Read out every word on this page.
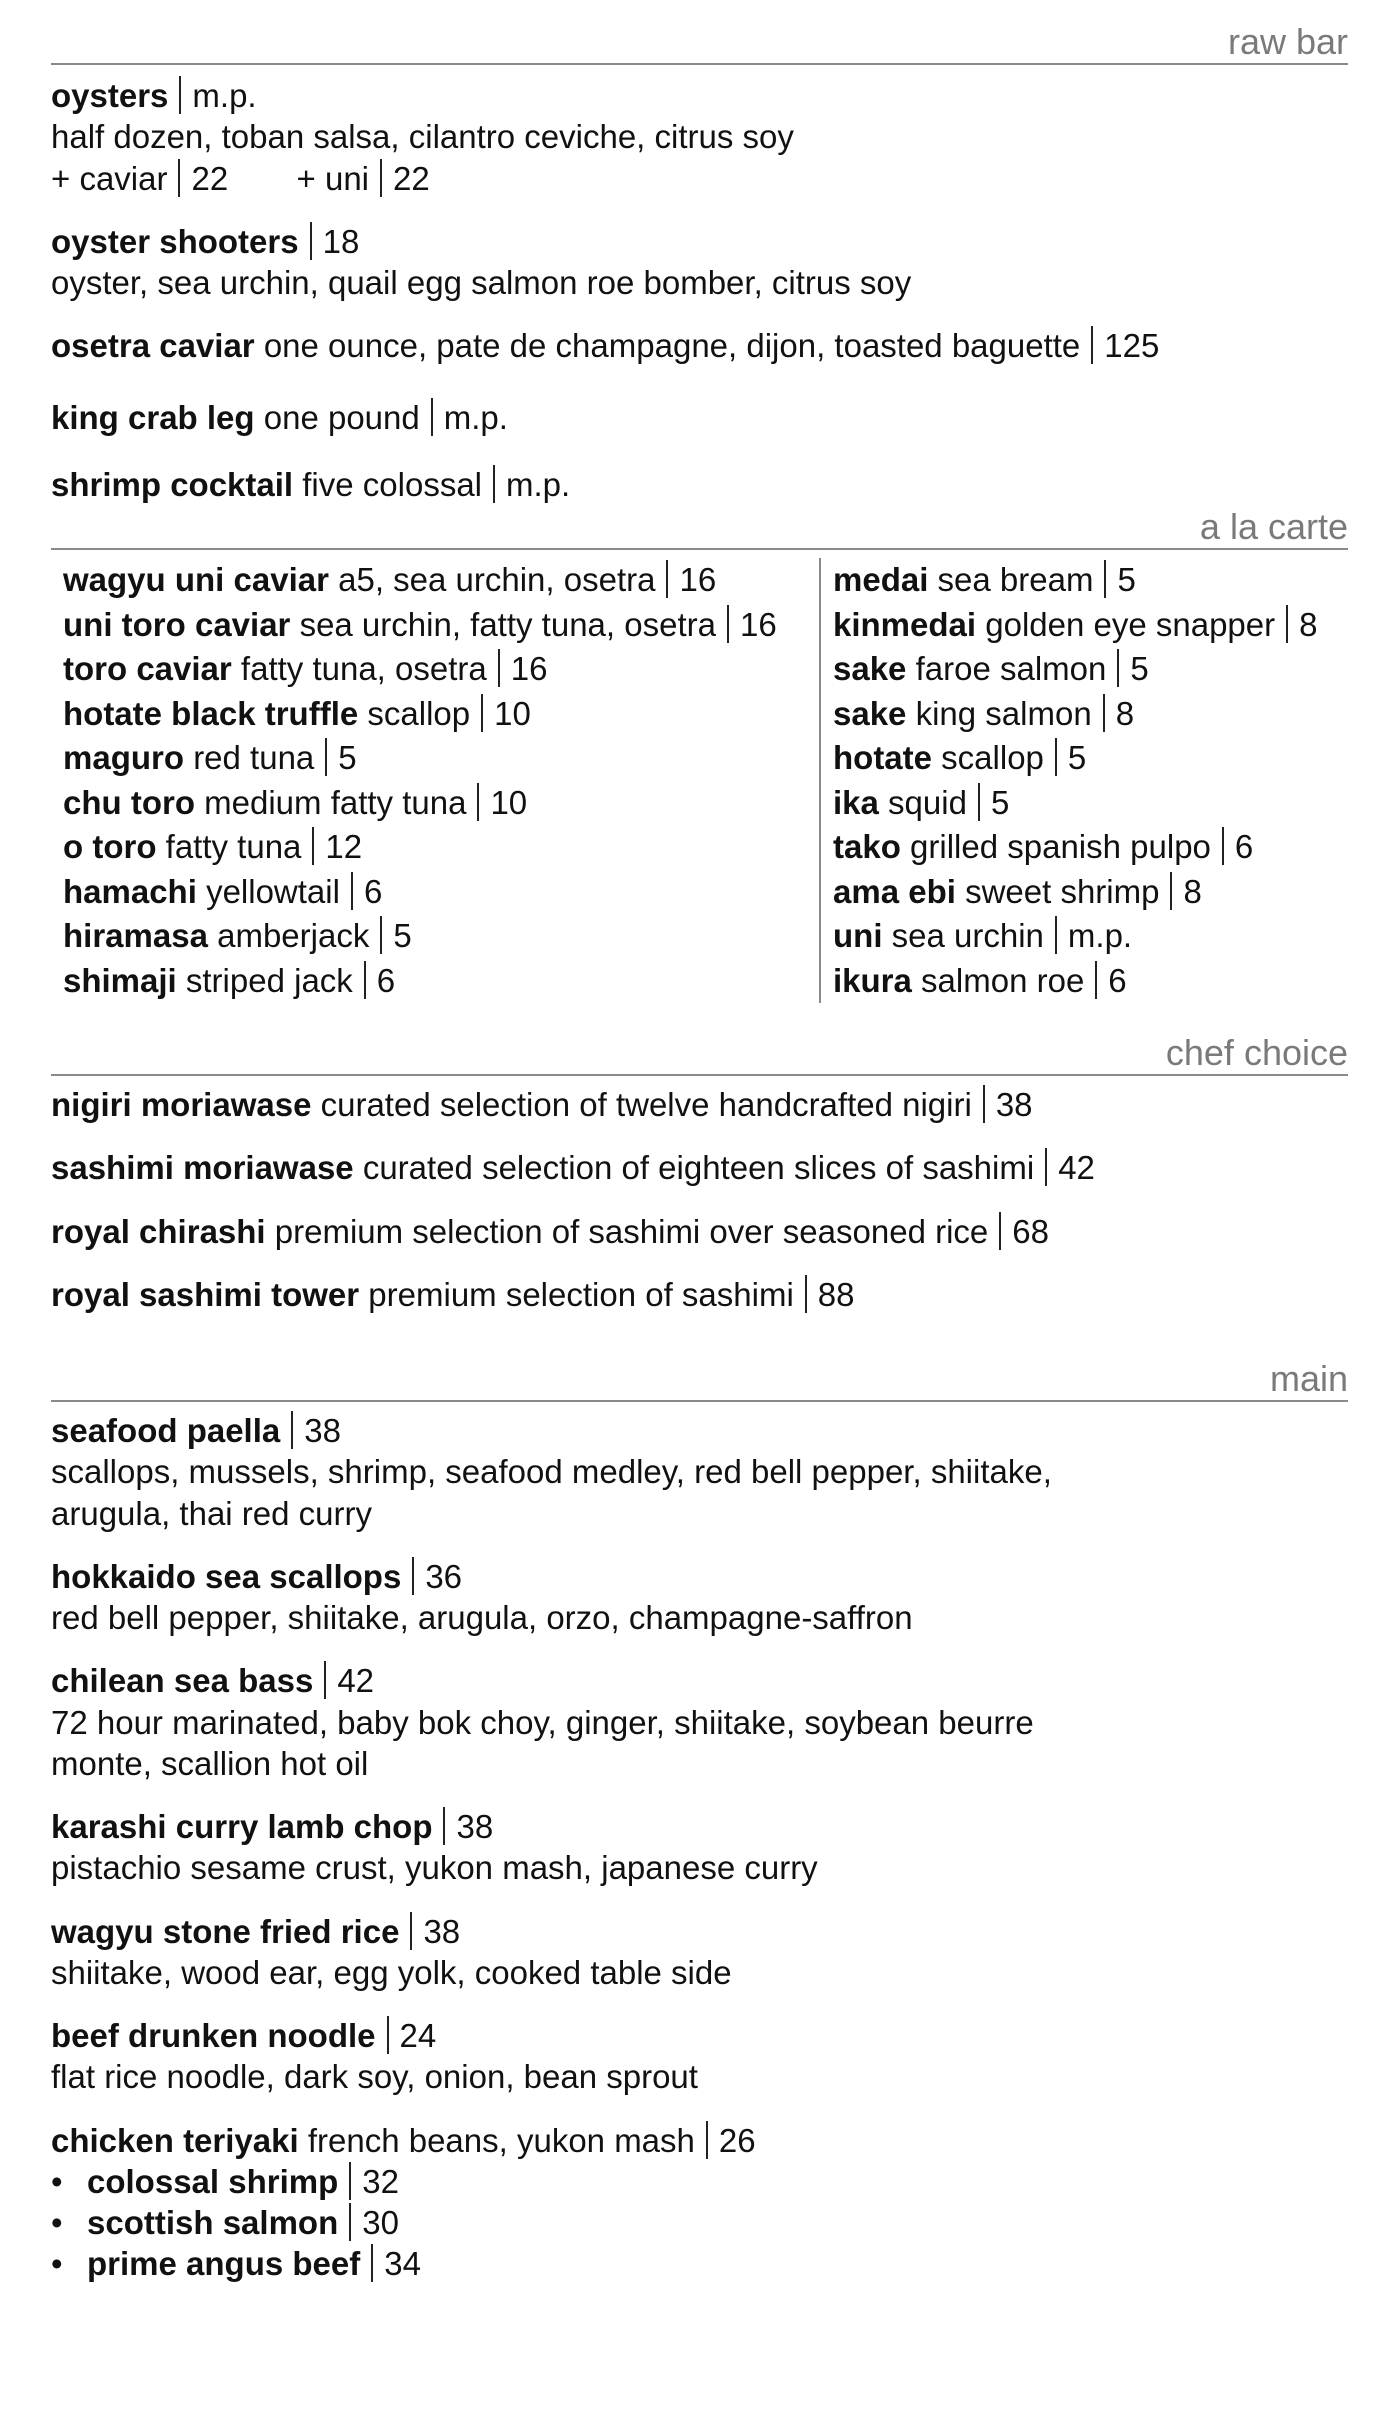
raw bar
oysters m.p.
half dozen, toban salsa, cilantro ceviche, citrus soy
+ caviar 22 + uni 22
oyster shooters 18
oyster, sea urchin, quail egg salmon roe bomber, citrus soy
osetra caviar one ounce, pate de champagne, dijon, toasted baguette 125
king crab leg one pound m.p.
shrimp cocktail five colossal m.p.
a la carte
wagyu uni caviar a5, sea urchin, osetra 16
uni toro caviar sea urchin, fatty tuna, osetra 16
toro caviar fatty tuna, osetra 16
hotate black truffle scallop 10
maguro red tuna 5
chu toro medium fatty tuna 10
o toro fatty tuna 12
hamachi yellowtail 6
hiramasa amberjack 5
shimaji striped jack 6
medai sea bream 5
kinmedai golden eye snapper 8
sake faroe salmon 5
sake king salmon 8
hotate scallop 5
ika squid 5
tako grilled spanish pulpo 6
ama ebi sweet shrimp 8
uni sea urchin m.p.
ikura salmon roe 6
chef choice
nigiri moriawase curated selection of twelve handcrafted nigiri 38
sashimi moriawase curated selection of eighteen slices of sashimi 42
royal chirashi premium selection of sashimi over seasoned rice 68
royal sashimi tower premium selection of sashimi 88
main
seafood paella 38
scallops, mussels, shrimp, seafood medley, red bell pepper, shiitake,
arugula, thai red curry
hokkaido sea scallops 36
red bell pepper, shiitake, arugula, orzo, champagne-saffron
chilean sea bass 42
72 hour marinated, baby bok choy, ginger, shiitake, soybean beurre
monte, scallion hot oil
karashi curry lamb chop 38
pistachio sesame crust, yukon mash, japanese curry
wagyu stone fried rice 38
shiitake, wood ear, egg yolk, cooked table side
beef drunken noodle 24
flat rice noodle, dark soy, onion, bean sprout
chicken teriyaki french beans, yukon mash 26
• colossal shrimp 32
• scottish salmon 30
• prime angus beef 34
